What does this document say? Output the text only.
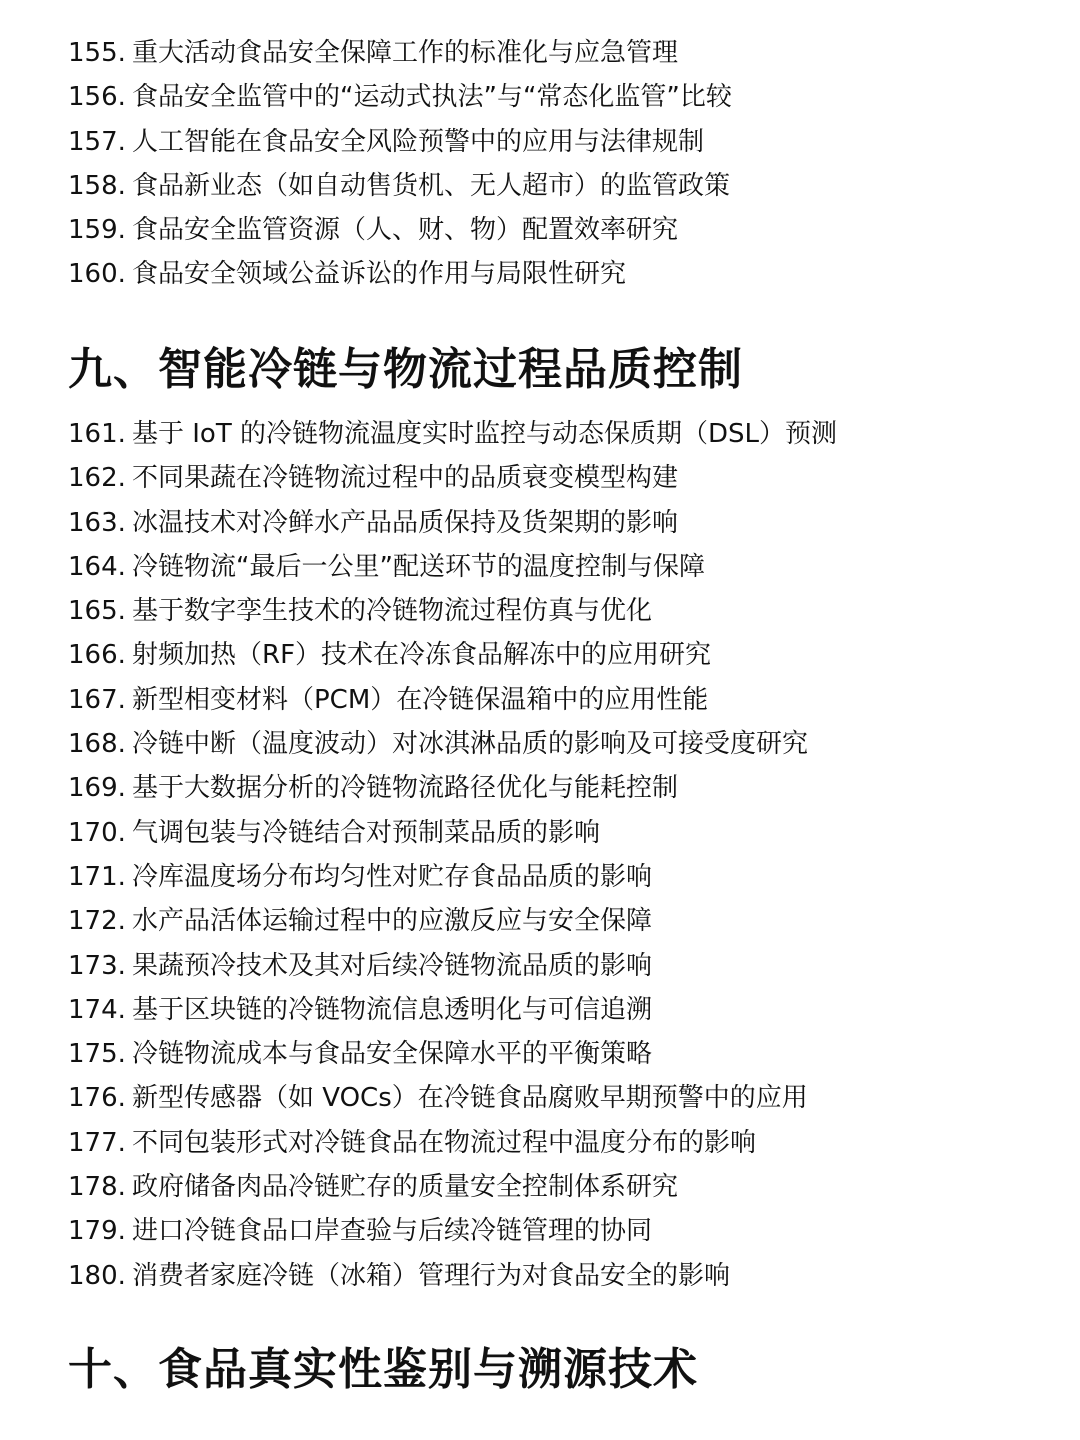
155. 重大活动食品安全保障工作的标准化与应急管理
156. 食品安全监管中的“运动式执法”与“常态化监管”比较
157. 人工智能在食品安全风险预警中的应用与法律规制
158. 食品新业态（如自动售货机、无人超市）的监管政策
159. 食品安全监管资源（人、财、物）配置效率研究
160. 食品安全领域公益诉讼的作用与局限性研究
九、智能冷链与物流过程品质控制
161. 基于 IoT 的冷链物流温度实时监控与动态保质期（DSL）预测
162. 不同果蔬在冷链物流过程中的品质衰变模型构建
163. 冰温技术对冷鲜水产品品质保持及货架期的影响
164. 冷链物流“最后一公里”配送环节的温度控制与保障
165. 基于数字孪生技术的冷链物流过程仿真与优化
166. 射频加热（RF）技术在冷冻食品解冻中的应用研究
167. 新型相变材料（PCM）在冷链保温箱中的应用性能
168. 冷链中断（温度波动）对冰淇淋品质的影响及可接受度研究
169. 基于大数据分析的冷链物流路径优化与能耗控制
170. 气调包装与冷链结合对预制菜品质的影响
171. 冷库温度场分布均匀性对贮存食品品质的影响
172. 水产品活体运输过程中的应激反应与安全保障
173. 果蔬预冷技术及其对后续冷链物流品质的影响
174. 基于区块链的冷链物流信息透明化与可信追溯
175. 冷链物流成本与食品安全保障水平的平衡策略
176. 新型传感器（如 VOCs）在冷链食品腐败早期预警中的应用
177. 不同包装形式对冷链食品在物流过程中温度分布的影响
178. 政府储备肉品冷链贮存的质量安全控制体系研究
179. 进口冷链食品口岸查验与后续冷链管理的协同
180. 消费者家庭冷链（冰箱）管理行为对食品安全的影响
十、食品真实性鉴别与溯源技术
